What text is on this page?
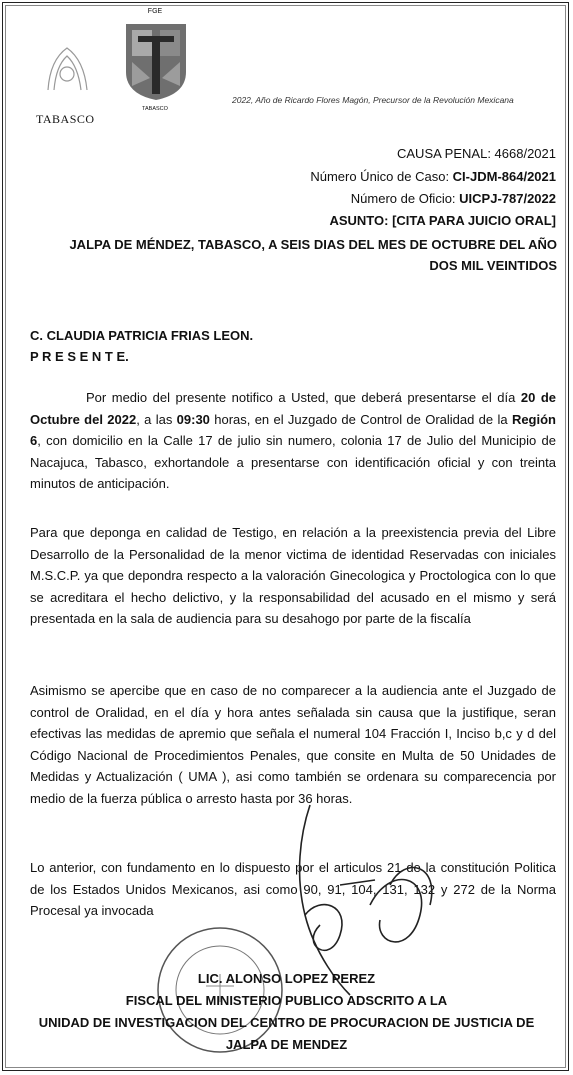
TABASCO
FGE
TABASCO
2022, Año de Ricardo Flores Magón, Precursor de la Revolución Mexicana
CAUSA PENAL: 4668/2021
Número Único de Caso: CI-JDM-864/2021
Número de Oficio: UICPJ-787/2022
ASUNTO: [CITA PARA JUICIO ORAL]
JALPA DE MÉNDEZ, TABASCO, A SEIS DIAS DEL MES DE OCTUBRE DEL AÑO
DOS MIL VEINTIDOS
C. CLAUDIA PATRICIA FRIAS LEON.
P R E S E N T E.
Por medio del presente notifico a Usted, que deberá presentarse el día 20 de Octubre del 2022, a las 09:30 horas, en el Juzgado de Control de Oralidad de la Región 6, con domicilio en la Calle 17 de julio sin numero, colonia 17 de Julio del Municipio de Nacajuca, Tabasco, exhortandole a presentarse con identificación oficial y con treinta minutos de anticipación.
Para que deponga en calidad de Testigo, en relación a la preexistencia previa del Libre Desarrollo de la Personalidad de la menor victima de identidad Reservadas con iniciales M.S.C.P. ya que depondra respecto a la valoración Ginecologica y Proctologica con lo que se acreditara el hecho delictivo, y la responsabilidad del acusado en el mismo y será presentada en la sala de audiencia para su desahogo por parte de la fiscalía
Asimismo se apercibe que en caso de no comparecer a la audiencia ante el Juzgado de control de Oralidad, en el día y hora antes señalada sin causa que la justifique, seran efectivas las medidas de apremio que señala el numeral 104 Fracción I, Inciso b,c y d del Código Nacional de Procedimientos Penales, que consite en Multa de 50 Unidades de Medidas y Actualización ( UMA ), asi como también se ordenara su comparecencia por medio de la fuerza pública o arresto hasta por 36 horas.
Lo anterior, con fundamento en lo dispuesto por el articulos 21 de la constitución Politica de los Estados Unidos Mexicanos, asi como 90, 91, 104, 131, 132 y 272 de la Norma Procesal ya invocada
LIC. ALONSO LOPEZ PEREZ
FISCAL DEL MINISTERIO PUBLICO ADSCRITO A LA
UNIDAD DE INVESTIGACION DEL CENTRO DE PROCURACION DE JUSTICIA DE
JALPA DE MENDEZ
